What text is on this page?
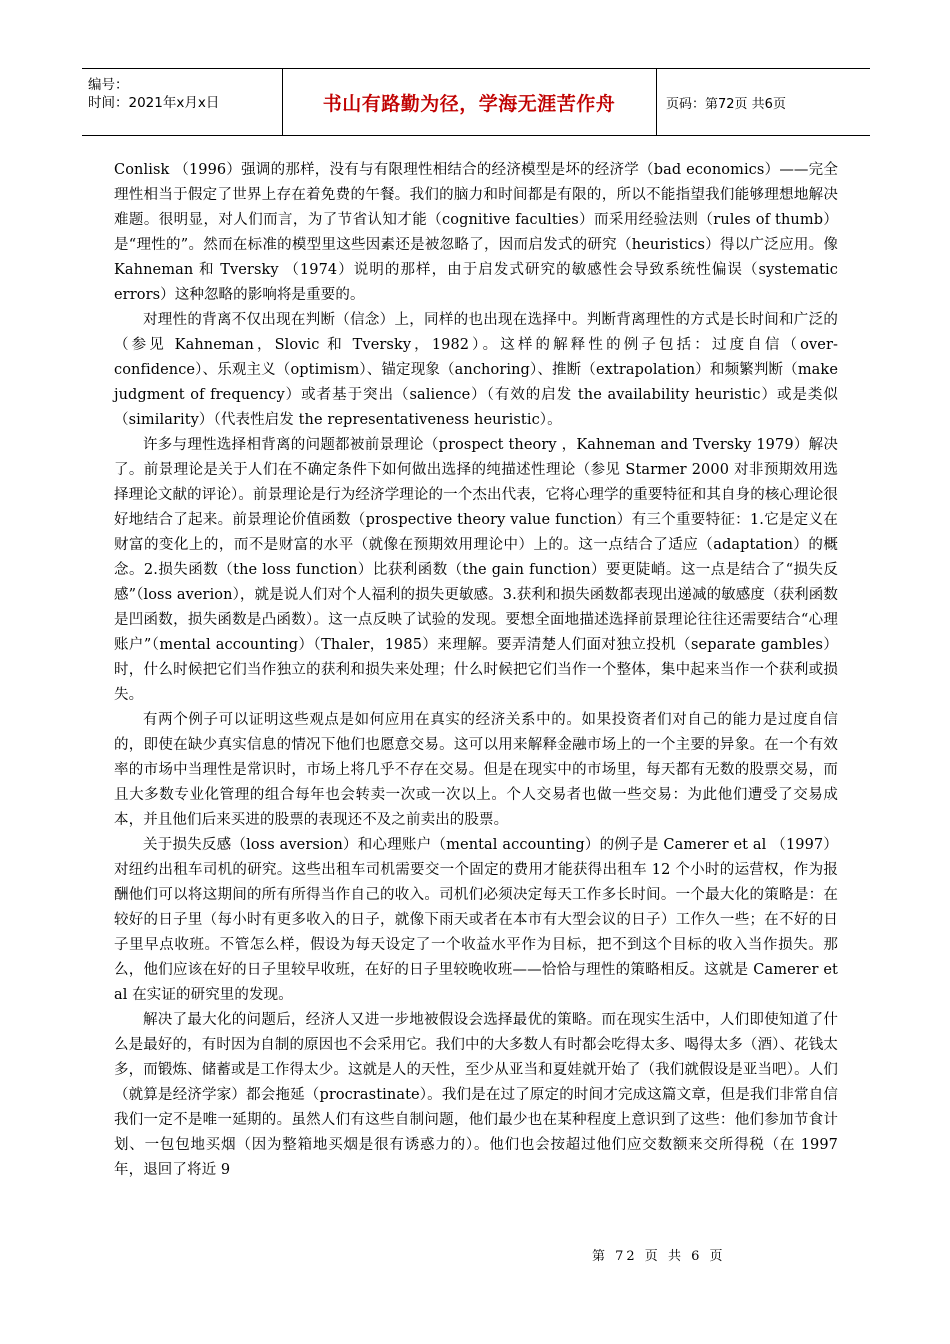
编号：
时间：2021年x月x日	书山有路勤为径，学海无涯苦作舟	页码：第72页 共6页

Conlisk （1996）强调的那样，没有与有限理性相结合的经济模型是坏的经济学（bad economics）——完全理性相当于假定了世界上存在着免费的午餐。我们的脑力和时间都是有限的，所以不能指望我们能够理想地解决难题。很明显，对人们而言，为了节省认知才能（cognitive faculties）而采用经验法则（rules of thumb）是“理性的”。然而在标准的模型里这些因素还是被忽略了，因而启发式的研究（heuristics）得以广泛应用。像 Kahneman 和 Tversky （1974）说明的那样，由于启发式研究的敏感性会导致系统性偏误（systematic errors）这种忽略的影响将是重要的。

对理性的背离不仅出现在判断（信念）上，同样的也出现在选择中。判断背离理性的方式是长时间和广泛的（参见 Kahneman，Slovic 和 Tversky，1982）。这样的解释性的例子包括：过度自信（over-confidence）、乐观主义（optimism）、锚定现象（anchoring）、推断（extrapolation）和频繁判断（make judgment of frequency）或者基于突出（salience）（有效的启发 the availability heuristic）或是类似（similarity）（代表性启发 the representativeness heuristic）。

许多与理性选择相背离的问题都被前景理论（prospect theory ，Kahneman and Tversky 1979）解决了。前景理论是关于人们在不确定条件下如何做出选择的纯描述性理论（参见 Starmer 2000 对非预期效用选择理论文献的评论）。前景理论是行为经济学理论的一个杰出代表，它将心理学的重要特征和其自身的核心理论很好地结合了起来。前景理论价值函数（prospective theory value function）有三个重要特征：1.它是定义在财富的变化上的，而不是财富的水平（就像在预期效用理论中）上的。这一点结合了适应（adaptation）的概念。2.损失函数（the loss function）比获利函数（the gain function）要更陡峭。这一点是结合了“损失反感”（loss averion），就是说人们对个人福利的损失更敏感。3.获利和损失函数都表现出递减的敏感度（获利函数是凹函数，损失函数是凸函数）。这一点反映了试验的发现。要想全面地描述选择前景理论往往还需要结合“心理账户”（mental accounting）（Thaler，1985）来理解。要弄清楚人们面对独立投机（separate gambles）时，什么时候把它们当作独立的获利和损失来处理；什么时候把它们当作一个整体，集中起来当作一个获利或损失。

有两个例子可以证明这些观点是如何应用在真实的经济关系中的。如果投资者们对自己的能力是过度自信的，即使在缺少真实信息的情况下他们也愿意交易。这可以用来解释金融市场上的一个主要的异象。在一个有效率的市场中当理性是常识时，市场上将几乎不存在交易。但是在现实中的市场里，每天都有无数的股票交易，而且大多数专业化管理的组合每年也会转卖一次或一次以上。个人交易者也做一些交易：为此他们遭受了交易成本，并且他们后来买进的股票的表现还不及之前卖出的股票。

关于损失反感（loss aversion）和心理账户（mental accounting）的例子是 Camerer et al （1997）对纽约出租车司机的研究。这些出租车司机需要交一个固定的费用才能获得出租车 12 个小时的运营权，作为报酬他们可以将这期间的所有所得当作自己的收入。司机们必须决定每天工作多长时间。一个最大化的策略是：在较好的日子里（每小时有更多收入的日子，就像下雨天或者在本市有大型会议的日子）工作久一些；在不好的日子里早点收班。不管怎么样，假设为每天设定了一个收益水平作为目标，把不到这个目标的收入当作损失。那么，他们应该在好的日子里较早收班，在好的日子里较晚收班——恰恰与理性的策略相反。这就是 Camerer et al 在实证的研究里的发现。

解决了最大化的问题后，经济人又进一步地被假设会选择最优的策略。而在现实生活中，人们即使知道了什么是最好的，有时因为自制的原因也不会采用它。我们中的大多数人有时都会吃得太多、喝得太多（酒）、花钱太多，而锻炼、储蓄或是工作得太少。这就是人的天性，至少从亚当和夏娃就开始了（我们就假设是亚当吧）。人们（就算是经济学家）都会拖延（procrastinate）。我们是在过了原定的时间才完成这篇文章，但是我们非常自信我们一定不是唯一延期的。虽然人们有这些自制问题，他们最少也在某种程度上意识到了这些：他们参加节食计划、一包包地买烟（因为整箱地买烟是很有诱惑力的）。他们也会按超过他们应交数额来交所得税（在 1997 年，退回了将近 9

第 72 页 共 6 页
